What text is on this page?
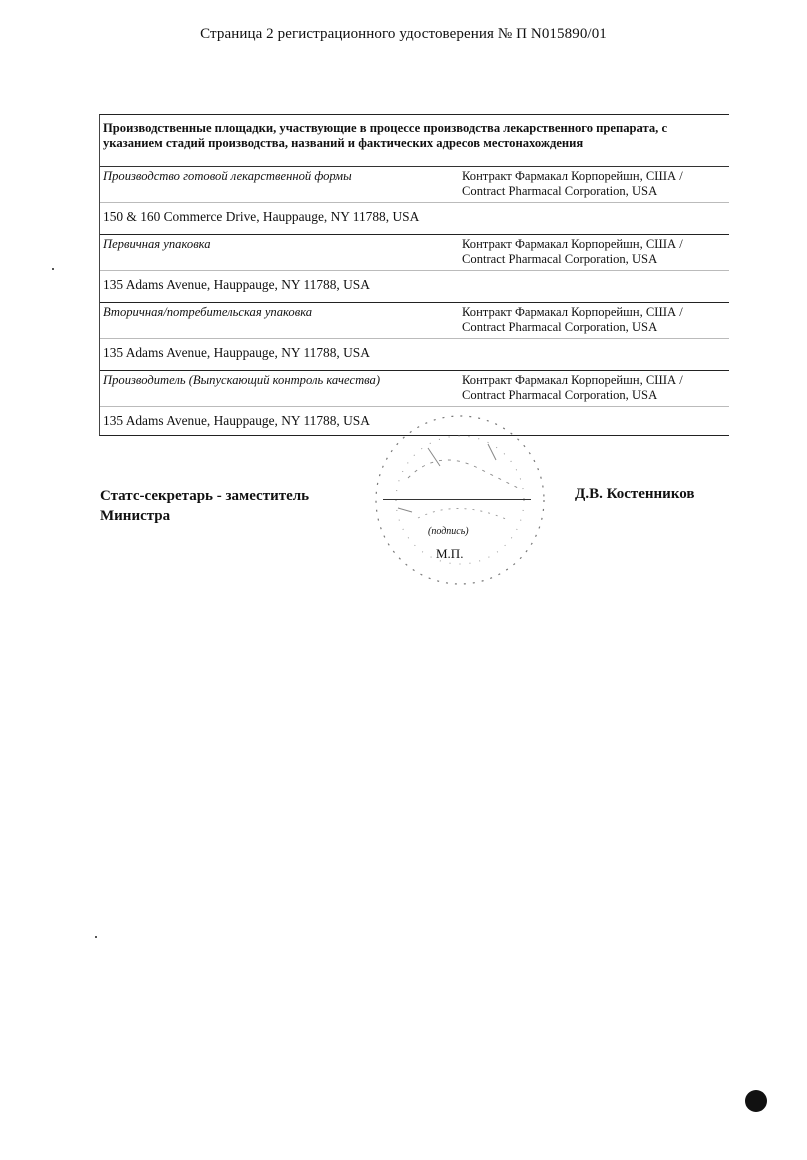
Страница 2 регистрационного удостоверения № П N015890/01
Производственные площадки, участвующие в процессе производства лекарственного препарата, с указанием стадий производства, названий и фактических адресов местонахождения
Производство готовой лекарственной формы	Контракт Фармакал Корпорейшн, США /
Contract Pharmacal Corporation, USA
150 & 160 Commerce Drive, Hauppauge, NY 11788, USA
Первичная упаковка	Контракт Фармакал Корпорейшн, США /
Contract Pharmacal Corporation, USA
135 Adams Avenue, Hauppauge, NY 11788, USA
Вторичная/потребительская упаковка	Контракт Фармакал Корпорейшн, США /
Contract Pharmacal Corporation, USA
135 Adams Avenue, Hauppauge, NY 11788, USA
Производитель (Выпускающий контроль качества)	Контракт Фармакал Корпорейшн, США /
Contract Pharmacal Corporation, USA
135 Adams Avenue, Hauppauge, NY 11788, USA
Статс-секретарь - заместитель
Министра
(подпись)
М.П.
Д.В. Костенников
